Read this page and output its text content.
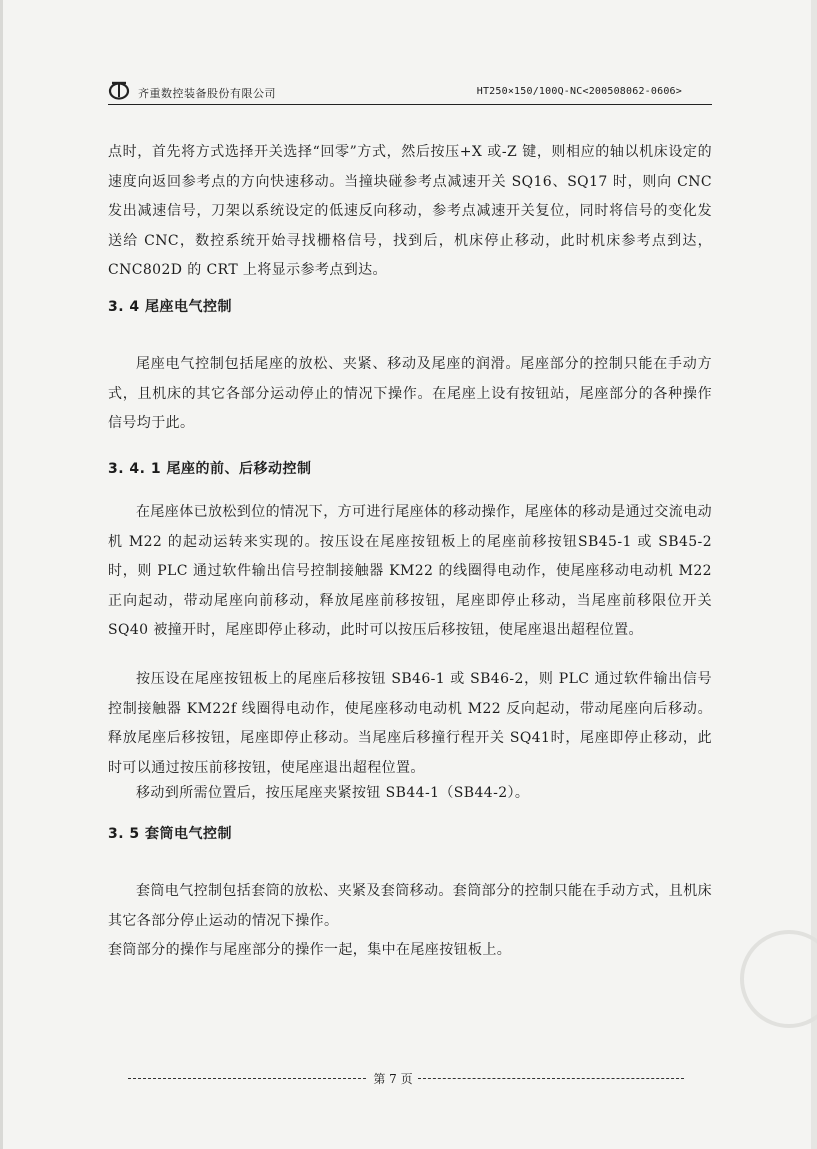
齐重数控装备股份有限公司	HT250×150/100Q-NC<200508062-0606>
点时，首先将方式选择开关选择“回零”方式，然后按压+X 或-Z 键，则相应的轴以机床设定的速度向返回参考点的方向快速移动。当撞块碰参考点减速开关 SQ16、SQ17 时，则向 CNC 发出减速信号，刀架以系统设定的低速反向移动，参考点减速开关复位，同时将信号的变化发送给 CNC，数控系统开始寻找栅格信号，找到后，机床停止移动，此时机床参考点到达，CNC802D 的 CRT 上将显示参考点到达。
3. 4 尾座电气控制
尾座电气控制包括尾座的放松、夹紧、移动及尾座的润滑。尾座部分的控制只能在手动方式，且机床的其它各部分运动停止的情况下操作。在尾座上设有按钮站，尾座部分的各种操作信号均于此。
3. 4. 1 尾座的前、后移动控制
在尾座体已放松到位的情况下，方可进行尾座体的移动操作，尾座体的移动是通过交流电动机 M22 的起动运转来实现的。按压设在尾座按钮板上的尾座前移按钮SB45-1 或 SB45-2 时，则 PLC 通过软件输出信号控制接触器 KM22 的线圈得电动作，使尾座移动电动机 M22 正向起动，带动尾座向前移动，释放尾座前移按钮，尾座即停止移动，当尾座前移限位开关 SQ40 被撞开时，尾座即停止移动，此时可以按压后移按钮，使尾座退出超程位置。
按压设在尾座按钮板上的尾座后移按钮 SB46-1 或 SB46-2，则 PLC 通过软件输出信号控制接触器 KM22f 线圈得电动作，使尾座移动电动机 M22 反向起动，带动尾座向后移动。释放尾座后移按钮，尾座即停止移动。当尾座后移撞行程开关 SQ41时，尾座即停止移动，此时可以通过按压前移按钮，使尾座退出超程位置。
移动到所需位置后，按压尾座夹紧按钮 SB44-1（SB44-2）。
3. 5 套筒电气控制
套筒电气控制包括套筒的放松、夹紧及套筒移动。套筒部分的控制只能在手动方式，且机床其它各部分停止运动的情况下操作。
套筒部分的操作与尾座部分的操作一起，集中在尾座按钮板上。
第 7 页
